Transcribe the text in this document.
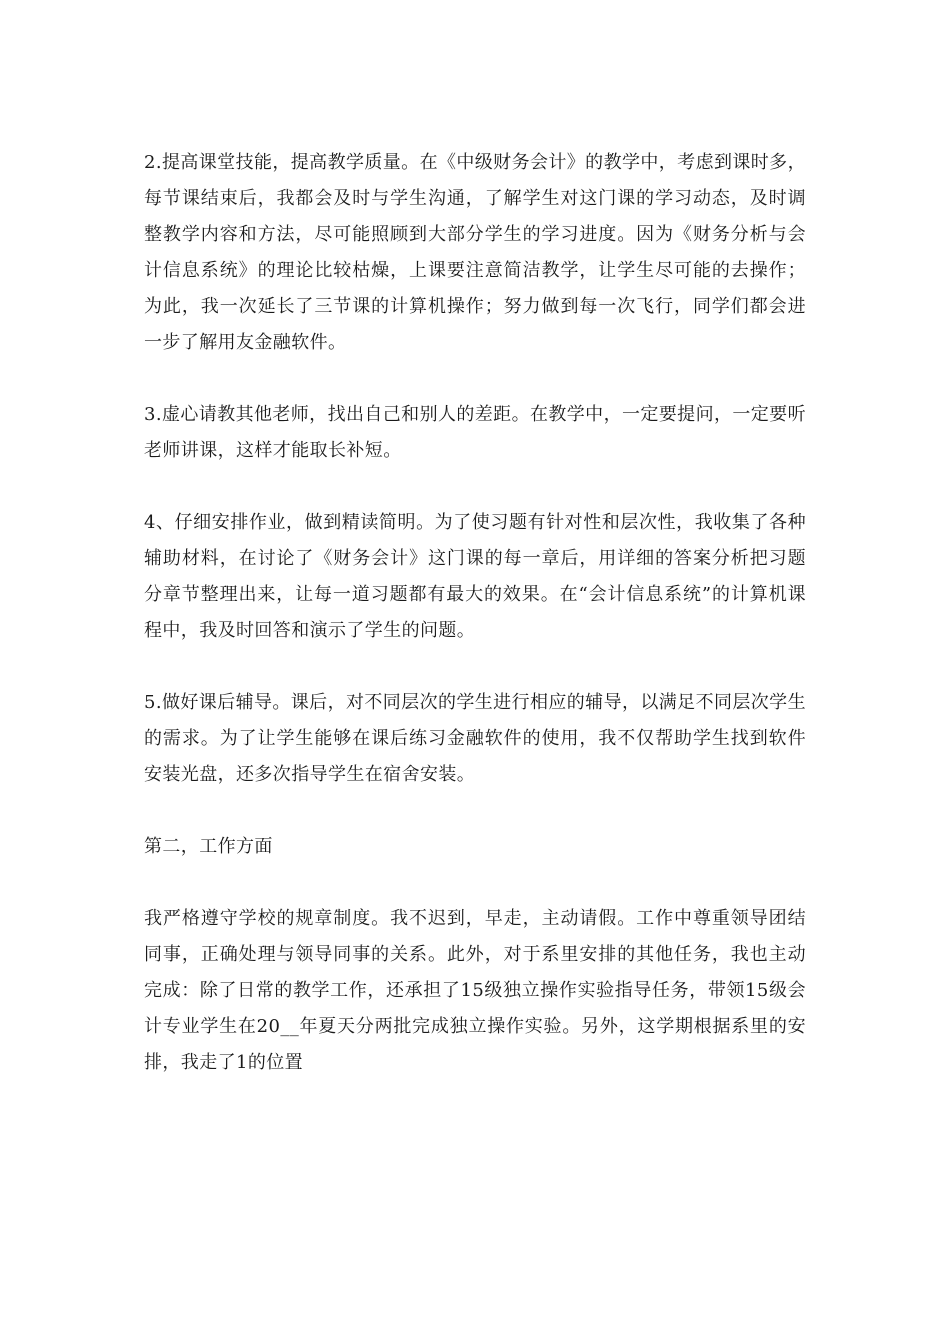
2.提高课堂技能，提高教学质量。在《中级财务会计》的教学中，考虑到课时多，每节课结束后，我都会及时与学生沟通，了解学生对这门课的学习动态，及时调整教学内容和方法，尽可能照顾到大部分学生的学习进度。因为《财务分析与会计信息系统》的理论比较枯燥，上课要注意简洁教学，让学生尽可能的去操作；为此，我一次延长了三节课的计算机操作；努力做到每一次飞行，同学们都会进一步了解用友金融软件。

3.虚心请教其他老师，找出自己和别人的差距。在教学中，一定要提问，一定要听老师讲课，这样才能取长补短。

4、仔细安排作业，做到精读简明。为了使习题有针对性和层次性，我收集了各种辅助材料，在讨论了《财务会计》这门课的每一章后，用详细的答案分析把习题分章节整理出来，让每一道习题都有最大的效果。在“会计信息系统”的计算机课程中，我及时回答和演示了学生的问题。

5.做好课后辅导。课后，对不同层次的学生进行相应的辅导，以满足不同层次学生的需求。为了让学生能够在课后练习金融软件的使用，我不仅帮助学生找到软件安装光盘，还多次指导学生在宿舍安装。

第二，工作方面

我严格遵守学校的规章制度。我不迟到，早走，主动请假。工作中尊重领导团结同事，正确处理与领导同事的关系。此外，对于系里安排的其他任务，我也主动完成：除了日常的教学工作，还承担了15级独立操作实验指导任务，带领15级会计专业学生在20__年夏天分两批完成独立操作实验。另外，这学期根据系里的安排，我走了1的位置
